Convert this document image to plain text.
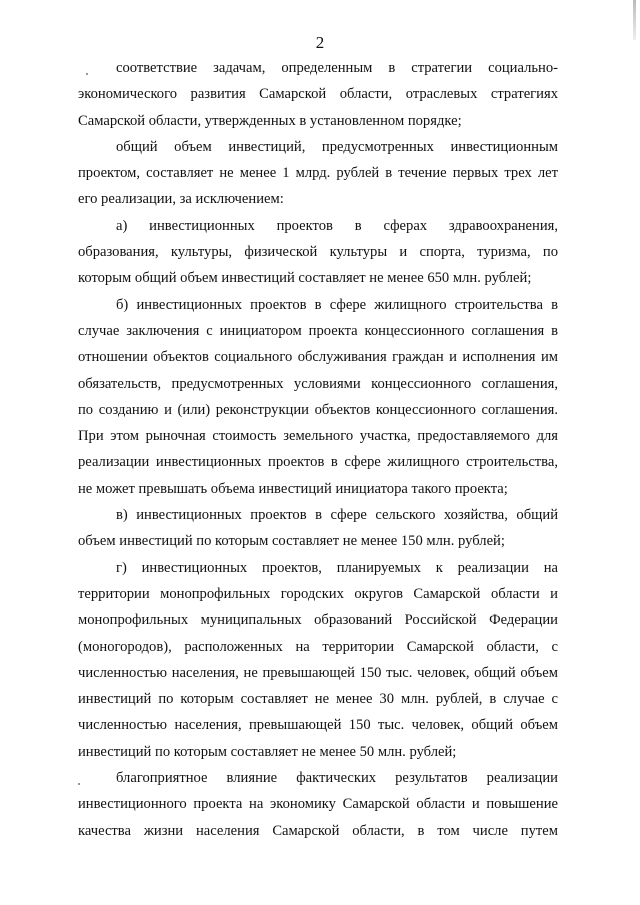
2
соответствие задачам, определенным в стратегии социально-
экономического развития Самарской области, отраслевых стратегиях
Самарской области, утвержденных в установленном порядке;
общий объем инвестиций, предусмотренных инвестиционным
проектом, составляет не менее 1 млрд. рублей в течение первых трех лет
его реализации, за исключением:
а) инвестиционных проектов в сферах здравоохранения,
образования, культуры, физической культуры и спорта, туризма, по
которым общий объем инвестиций составляет не менее 650 млн. рублей;
б) инвестиционных проектов в сфере жилищного строительства в
случае заключения с инициатором проекта концессионного соглашения в
отношении объектов социального обслуживания граждан и исполнения им
обязательств, предусмотренных условиями концессионного соглашения,
по созданию и (или) реконструкции объектов концессионного соглашения.
При этом рыночная стоимость земельного участка, предоставляемого для
реализации инвестиционных проектов в сфере жилищного строительства,
не может превышать объема инвестиций инициатора такого проекта;
в) инвестиционных проектов в сфере сельского хозяйства, общий
объем инвестиций по которым составляет не менее 150 млн. рублей;
г) инвестиционных проектов, планируемых к реализации на
территории монопрофильных городских округов Самарской области и
монопрофильных муниципальных образований Российской Федерации
(моногородов), расположенных на территории Самарской области, с
численностью населения, не превышающей 150 тыс. человек, общий объем
инвестиций по которым составляет не менее 30 млн. рублей, в случае с
численностью населения, превышающей 150 тыс. человек, общий объем
инвестиций по которым составляет не менее 50 млн. рублей;
благоприятное влияние фактических результатов реализации
инвестиционного проекта на экономику Самарской области и повышение
качества жизни населения Самарской области, в том числе путем
